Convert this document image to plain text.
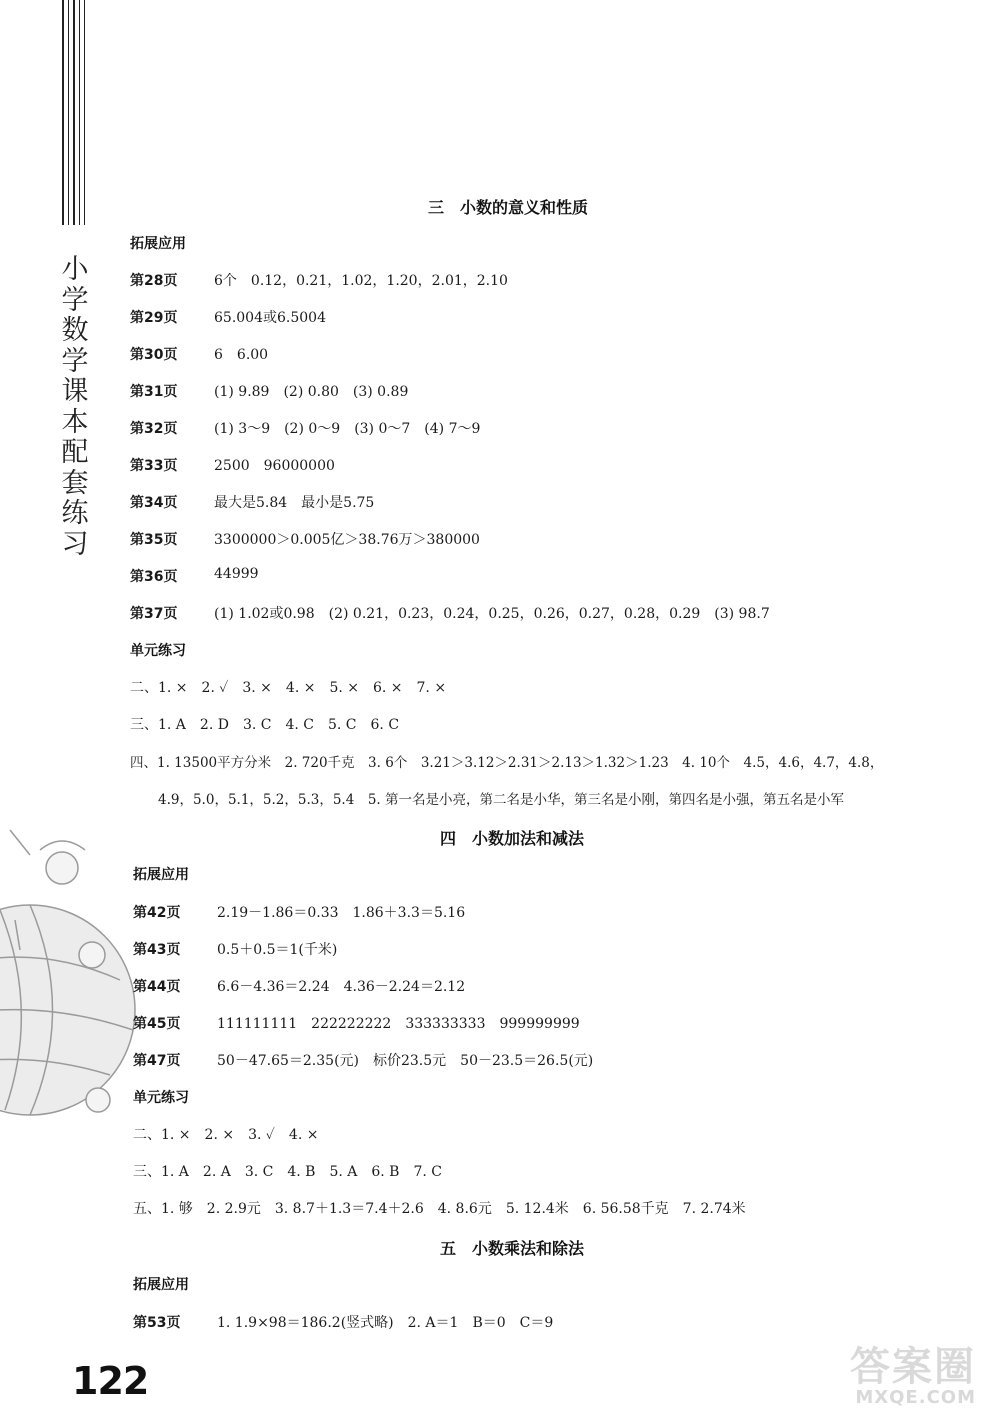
小学数学课本配套练习
三　小数的意义和性质
拓展应用
第28页	6个　0.12，0.21，1.02，1.20，2.01，2.10
第29页	65.004或6.5004
第30页	6　6.00
第31页	(1) 9.89　(2) 0.80　(3) 0.89
第32页	(1) 3～9　(2) 0～9　(3) 0～7　(4) 7～9
第33页	2500　96000000
第34页	最大是5.84　最小是5.75
第35页	3300000＞0.005亿＞38.76万＞380000
第36页	44999
第37页	(1) 1.02或0.98　(2) 0.21，0.23，0.24，0.25，0.26，0.27，0.28，0.29　(3) 98.7
单元练习
二、1. ×　2. ✓　3. ×　4. ×　5. ×　6. ×　7. ×
三、1. A　2. D　3. C　4. C　5. C　6. C
四、1. 13500平方分米　2. 720千克　3. 6个　3.21＞3.12＞2.31＞2.13＞1.32＞1.23　4. 10个　4.5，4.6，4.7，4.8，
4.9，5.0，5.1，5.2，5.3，5.4　5. 第一名是小亮，第二名是小华，第三名是小刚，第四名是小强，第五名是小军
四　小数加法和减法
拓展应用
第42页	2.19－1.86＝0.33　1.86＋3.3＝5.16
第43页	0.5＋0.5＝1(千米)
第44页	6.6－4.36＝2.24　4.36－2.24＝2.12
第45页	111111111　222222222　333333333　999999999
第47页	50－47.65＝2.35(元)　标价23.5元　50－23.5＝26.5(元)
单元练习
二、1. ×　2. ×　3. ✓　4. ×
三、1. A　2. A　3. C　4. B　5. A　6. B　7. C
五、1. 够　2. 2.9元　3. 8.7＋1.3＝7.4＋2.6　4. 8.6元　5. 12.4米　6. 56.58千克　7. 2.74米
五　小数乘法和除法
拓展应用
第53页	1. 1.9×98＝186.2(竖式略)　2. A＝1　B＝0　C＝9
122	答案圈
MXQE.COM
